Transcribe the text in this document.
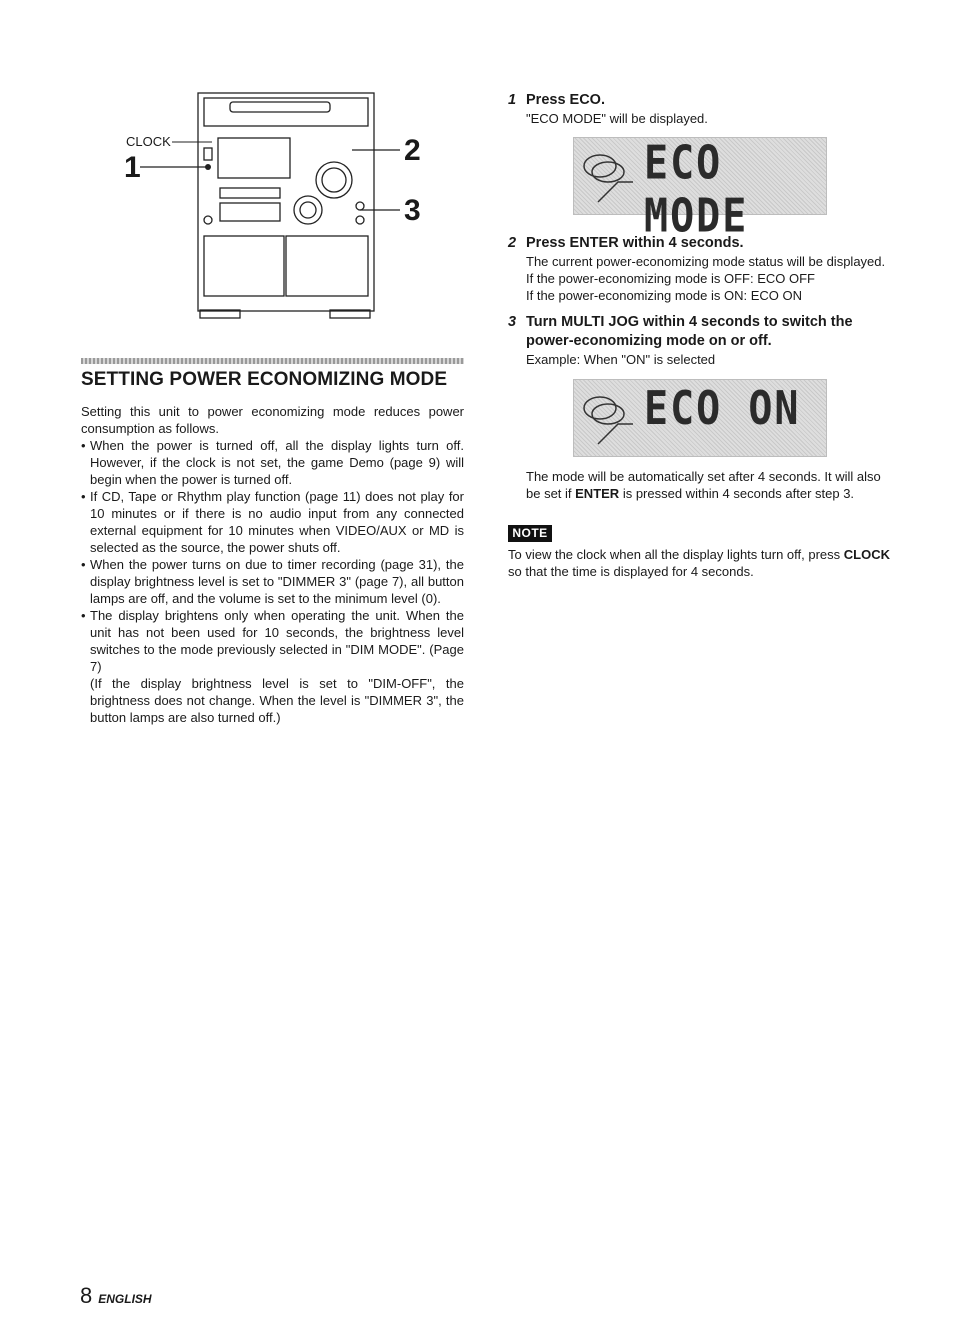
CLOCK
1
2
3
SETTING POWER ECONOMIZING MODE

Setting this unit to power economizing mode reduces power consumption as follows.

• When the power is turned off, all the display lights turn off. However, if the clock is not set, the game Demo (page 9) will begin when the power is turned off.
• If CD, Tape or Rhythm play function (page 11) does not play for 10 minutes or if there is no audio input from any connected external equipment for 10 minutes when VIDEO/AUX or MD is selected as the source, the power shuts off.
• When the power turns on due to timer recording (page 31), the display brightness level is set to "DIMMER 3" (page 7), all button lamps are off, and the volume is set to the minimum level (0).
• The display brightens only when operating the unit. When the unit has not been used for 10 seconds, the brightness level switches to the mode previously selected in "DIM MODE". (Page 7)

(If the display brightness level is set to "DIM-OFF", the brightness does not change. When the level is "DIMMER 3", the button lamps are also turned off.)

1 Press ECO.

"ECO MODE" will be displayed.

ECO MODE
2 Press ENTER within 4 seconds.

The current power-economizing mode status will be displayed.

If the power-economizing mode is OFF: ECO OFF

If the power-economizing mode is ON: ECO ON

3 Turn MULTI JOG within 4 seconds to switch the power-economizing mode on or off.

Example: When "ON" is selected

ECO ON
The mode will be automatically set after 4 seconds. It will also be set if ENTER is pressed within 4 seconds after step 3.
NOTE
To view the clock when all the display lights turn off, press CLOCK so that the time is displayed for 4 seconds.
8 ENGLISH
